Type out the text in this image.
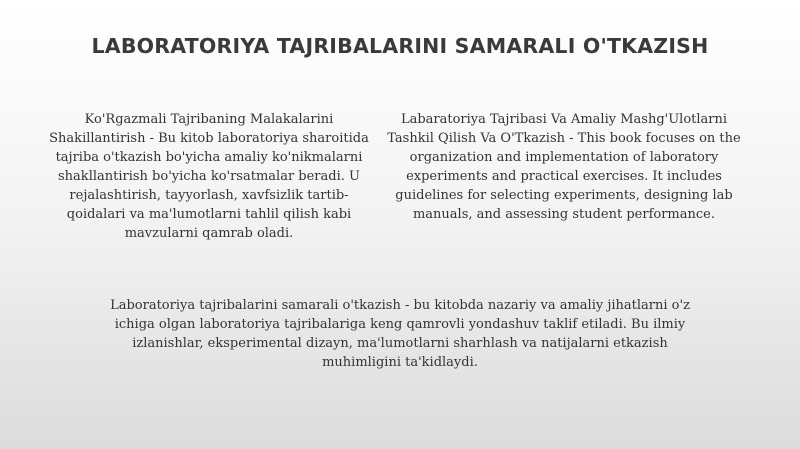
LABORATORIYA TAJRIBALARINI SAMARALI O'TKAZISH
Ko'Rgazmali Tajribaning Malakalarini Shakillantirish - Bu kitob laboratoriya sharoitida tajriba o'tkazish bo'yicha amaliy ko'nikmalarni shakllantirish bo'yicha ko'rsatmalar beradi. U rejalashtirish, tayyorlash, xavfsizlik tartib-qoidalari va ma'lumotlarni tahlil qilish kabi mavzularni qamrab oladi.
Labaratoriya Tajribasi Va Amaliy Mashg'Ulotlarni Tashkil Qilish Va O'Tkazish - This book focuses on the organization and implementation of laboratory experiments and practical exercises. It includes guidelines for selecting experiments, designing lab manuals, and assessing student performance.
Laboratoriya tajribalarini samarali o'tkazish - bu kitobda nazariy va amaliy jihatlarni o'z ichiga olgan laboratoriya tajribalariga keng qamrovli yondashuv taklif etiladi. Bu ilmiy izlanishlar, eksperimental dizayn, ma'lumotlarni sharhlash va natijalarni etkazish muhimligini ta'kidlaydi.
